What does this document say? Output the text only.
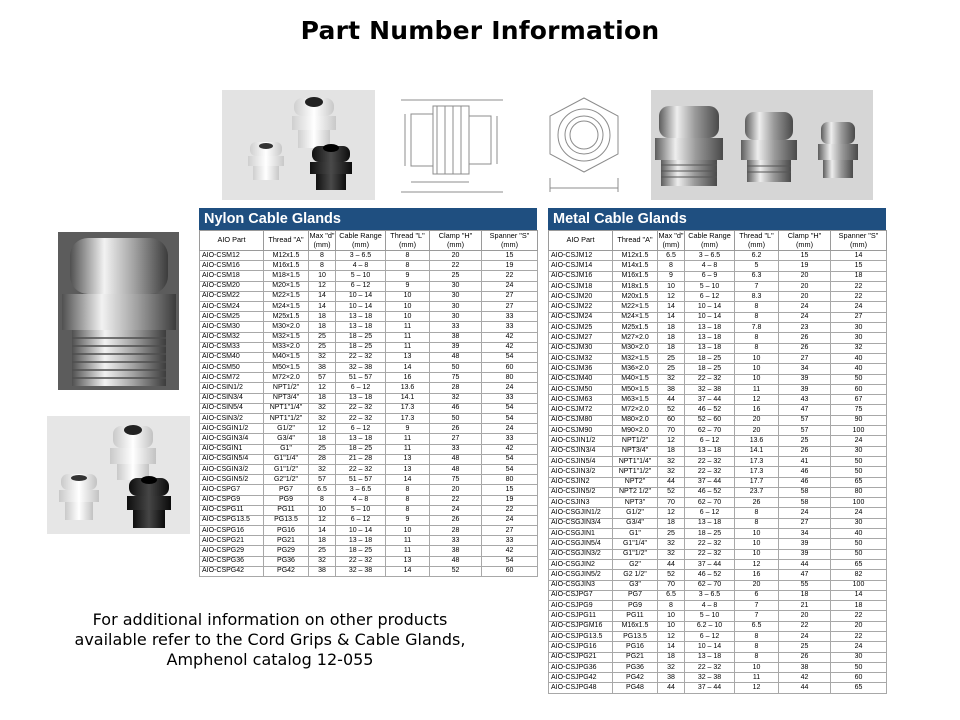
Part Number Information
Nylon Cable Glands
AIO Part	Thread "A"	Max "d" (mm)	Cable Range (mm)	Thread "L" (mm)	Clamp "H" (mm)	Spanner "S" (mm)
AIO-CSM12	M12x1.5	8	3 – 6.5	8	20	15
AIO-CSM16	M16x1.5	8	4 – 8	8	22	19
AIO-CSM18	M18×1.5	10	5 – 10	9	25	22
AIO-CSM20	M20×1.5	12	6 – 12	9	30	24
AIO-CSM22	M22×1.5	14	10 – 14	10	30	27
AIO-CSM24	M24×1.5	14	10 – 14	10	30	27
AIO-CSM25	M25x1.5	18	13 – 18	10	30	33
AIO-CSM30	M30×2.0	18	13 – 18	11	33	33
AIO-CSM32	M32×1.5	25	18 – 25	11	38	42
AIO-CSM33	M33×2.0	25	18 – 25	11	39	42
AIO-CSM40	M40×1.5	32	22 – 32	13	48	54
AIO-CSM50	M50×1.5	38	32 – 38	14	50	60
AIO-CSM72	M72×2.0	57	51 – 57	16	75	80
AIO-CSIN1/2	NPT1/2"	12	6 – 12	13.6	28	24
AIO-CSIN3/4	NPT3/4"	18	13 – 18	14.1	32	33
AIO-CSIN5/4	NPT1"1/4"	32	22 – 32	17.3	46	54
AIO-CSIN3/2	NPT1"1/2"	32	22 – 32	17.3	50	54
AIO-CSGIN1/2	G1/2"	12	6 – 12	9	26	24
AIO-CSGIN3/4	G3/4"	18	13 – 18	11	27	33
AIO-CSGIN1	G1"	25	18 – 25	11	33	42
AIO-CSGIN5/4	G1"1/4"	28	21 – 28	13	48	54
AIO-CSGIN3/2	G1"1/2"	32	22 – 32	13	48	54
AIO-CSGIN5/2	G2"1/2"	57	51 – 57	14	75	80
AIO-CSPG7	PG7	6.5	3 – 6.5	8	20	15
AIO-CSPG9	PG9	8	4 – 8	8	22	19
AIO-CSPG11	PG11	10	5 – 10	8	24	22
AIO-CSPG13.5	PG13.5	12	6 – 12	9	26	24
AIO-CSPG16	PG16	14	10 – 14	10	28	27
AIO-CSPG21	PG21	18	13 – 18	11	33	33
AIO-CSPG29	PG29	25	18 – 25	11	38	42
AIO-CSPG36	PG36	32	22 – 32	13	48	54
AIO-CSPG42	PG42	38	32 – 38	14	52	60
Metal Cable Glands
AIO Part	Thread "A"	Max "d" (mm)	Cable Range (mm)	Thread "L" (mm)	Clamp "H" (mm)	Spanner "S" (mm)
AIO-CSJM12	M12x1.5	6.5	3 – 6.5	6.2	15	14
AIO-CSJM14	M14x1.5	8	4 – 8	5	19	15
AIO-CSJM16	M16x1.5	9	6 – 9	6.3	20	18
AIO-CSJM18	M18x1.5	10	5 – 10	7	20	22
AIO-CSJM20	M20x1.5	12	6 – 12	8.3	20	22
AIO-CSJM22	M22×1.5	14	10 – 14	8	24	24
AIO-CSJM24	M24×1.5	14	10 – 14	8	24	27
AIO-CSJM25	M25x1.5	18	13 – 18	7.8	23	30
AIO-CSJM27	M27×2.0	18	13 – 18	8	26	30
AIO-CSJM30	M30×2.0	18	13 – 18	8	26	32
AIO-CSJM32	M32×1.5	25	18 – 25	10	27	40
AIO-CSJM36	M36×2.0	25	18 – 25	10	34	40
AIO-CSJM40	M40×1.5	32	22 – 32	10	39	50
AIO-CSJM50	M50×1.5	38	32 – 38	11	39	60
AIO-CSJM63	M63×1.5	44	37 – 44	12	43	67
AIO-CSJM72	M72×2.0	52	46 – 52	16	47	75
AIO-CSJM80	M80×2.0	60	52 – 60	20	57	90
AIO-CSJM90	M90×2.0	70	62 – 70	20	57	100
AIO-CSJIN1/2	NPT1/2"	12	6 – 12	13.6	25	24
AIO-CSJIN3/4	NPT3/4"	18	13 – 18	14.1	26	30
AIO-CSJIN5/4	NPT1"1/4"	32	22 – 32	17.3	41	50
AIO-CSJIN3/2	NPT1"1/2"	32	22 – 32	17.3	46	50
AIO-CSJIN2	NPT2"	44	37 – 44	17.7	46	65
AIO-CSJIN5/2	NPT2 1/2"	52	46 – 52	23.7	58	80
AIO-CSJIN3	NPT3"	70	62 – 70	26	58	100
AIO-CSGJIN1/2	G1/2"	12	6 – 12	8	24	24
AIO-CSGJIN3/4	G3/4"	18	13 – 18	8	27	30
AIO-CSGJIN1	G1"	25	18 – 25	10	34	40
AIO-CSGJIN5/4	G1"1/4"	32	22 – 32	10	39	50
AIO-CSGJIN3/2	G1"1/2"	32	22 – 32	10	39	50
AIO-CSGJIN2	G2"	44	37 – 44	12	44	65
AIO-CSGJIN5/2	G2 1/2"	52	46 – 52	16	47	82
AIO-CSGJIN3	G3"	70	62 – 70	20	55	100
AIO-CSJPG7	PG7	6.5	3 – 6.5	6	18	14
AIO-CSJPG9	PG9	8	4 – 8	7	21	18
AIO-CSJPG11	PG11	10	5 – 10	7	20	22
AIO-CSJPGM16	M16x1.5	10	6.2 – 10	6.5	22	20
AIO-CSJPG13.5	PG13.5	12	6 – 12	8	24	22
AIO-CSJPG16	PG16	14	10 – 14	8	25	24
AIO-CSJPG21	PG21	18	13 – 18	8	26	30
AIO-CSJPG36	PG36	32	22 – 32	10	38	50
AIO-CSJPG42	PG42	38	32 – 38	11	42	60
AIO-CSJPG48	PG48	44	37 – 44	12	44	65
For additional information on other products
available refer to the Cord Grips & Cable Glands,
Amphenol catalog 12-055
